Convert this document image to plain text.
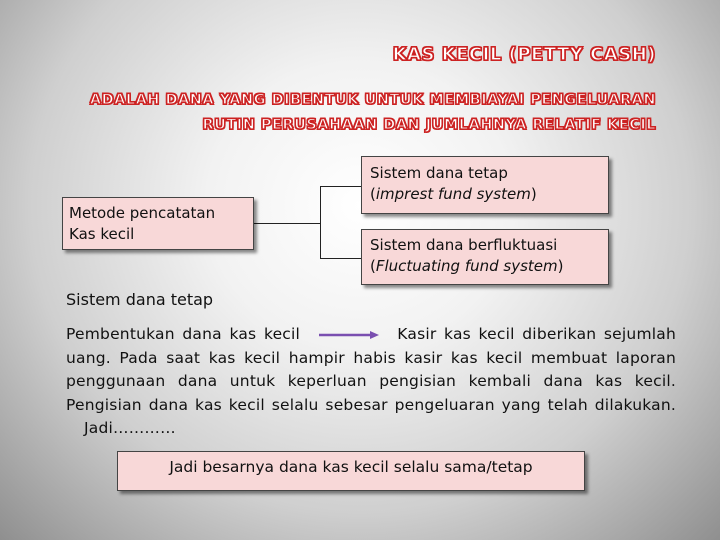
KAS KECIL (PETTY CASH)
ADALAH DANA YANG DIBENTUK UNTUK MEMBIAYAI PENGELUARAN
RUTIN PERUSAHAAN DAN JUMLAHNYA RELATIF KECIL
Metode pencatatan
Kas kecil
Sistem dana tetap
(imprest fund system)
Sistem dana berfluktuasi
(Fluctuating fund system)
Sistem dana tetap
Pembentukan dana kas kecil	Kasir kas kecil diberikan sejumlah uang. Pada saat kas kecil hampir habis kasir kas kecil membuat laporan penggunaan dana untuk keperluan pengisian kembali dana kas kecil. Pengisian dana kas kecil selalu sebesar pengeluaran yang telah dilakukan.Jadi…………
Jadi besarnya dana kas kecil selalu sama/tetap
